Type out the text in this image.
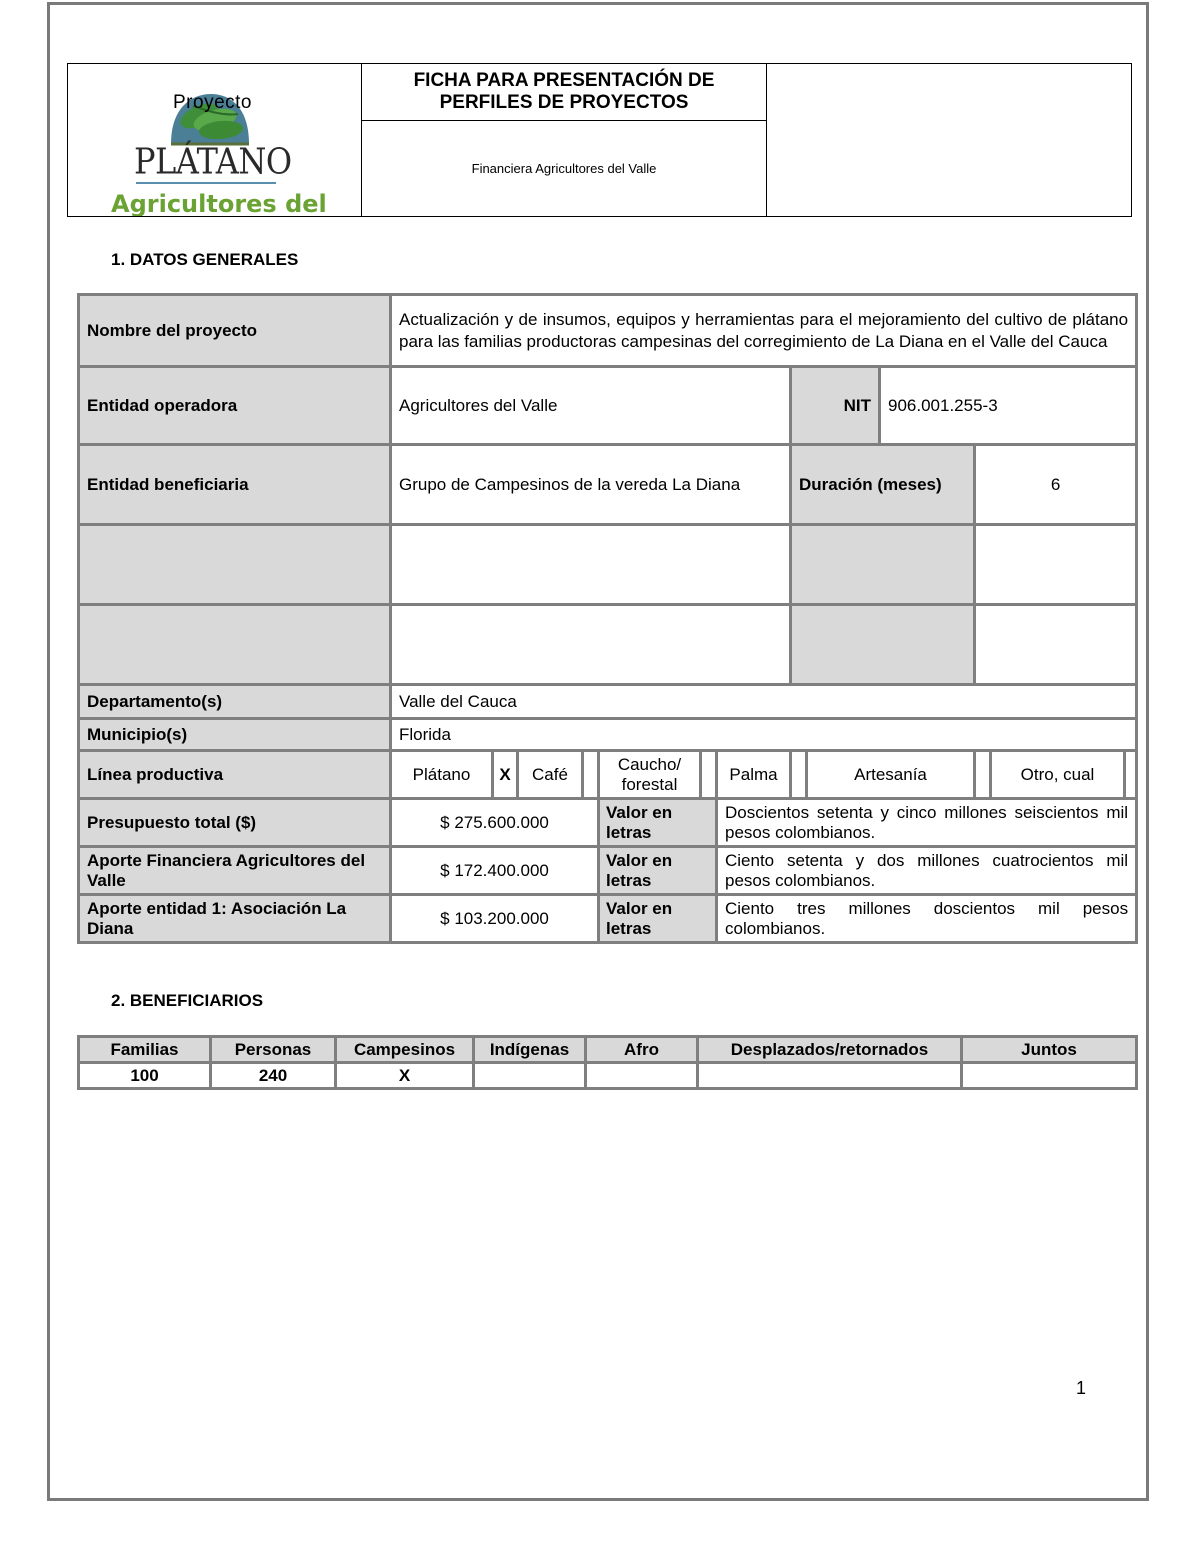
Proyecto
PLÁTANO
Agricultores del
FICHA PARA PRESENTACIÓN DE PERFILES DE PROYECTOS
Financiera Agricultores del Valle
1. DATOS GENERALES
Nombre del proyecto	Actualización y de insumos, equipos y herramientas para el mejoramiento del cultivo de plátano para las familias productoras campesinas del corregimiento de La Diana en el Valle del Cauca												
Entidad operadora	Agricultores del Valle							NIT		906.001.255-3			
Entidad beneficiaria	Grupo de Campesinos de la vereda La Diana							Duración (meses)			6		

Departamento(s)	Valle del Cauca												
Municipio(s)	Florida												
Línea productiva	Plátano	X	Café		Caucho/ forestal		Palma		Artesanía			Otro, cual	
Presupuesto total ($)	$ 275.600.000				Valor en letras		Doscientos setenta y cinco millones seiscientos mil pesos colombianos.						
Aporte Financiera Agricultores del Valle	$ 172.400.000				Valor en letras		Ciento setenta y dos millones cuatrocientos mil pesos colombianos.						
Aporte entidad 1: Asociación La Diana	$ 103.200.000				Valor en letras		Ciento tres millones doscientos mil pesos colombianos.						
2. BENEFICIARIOS
Familias	Personas	Campesinos	Indígenas	Afro	Desplazados/retornados	Juntos
100	240	X				
1
